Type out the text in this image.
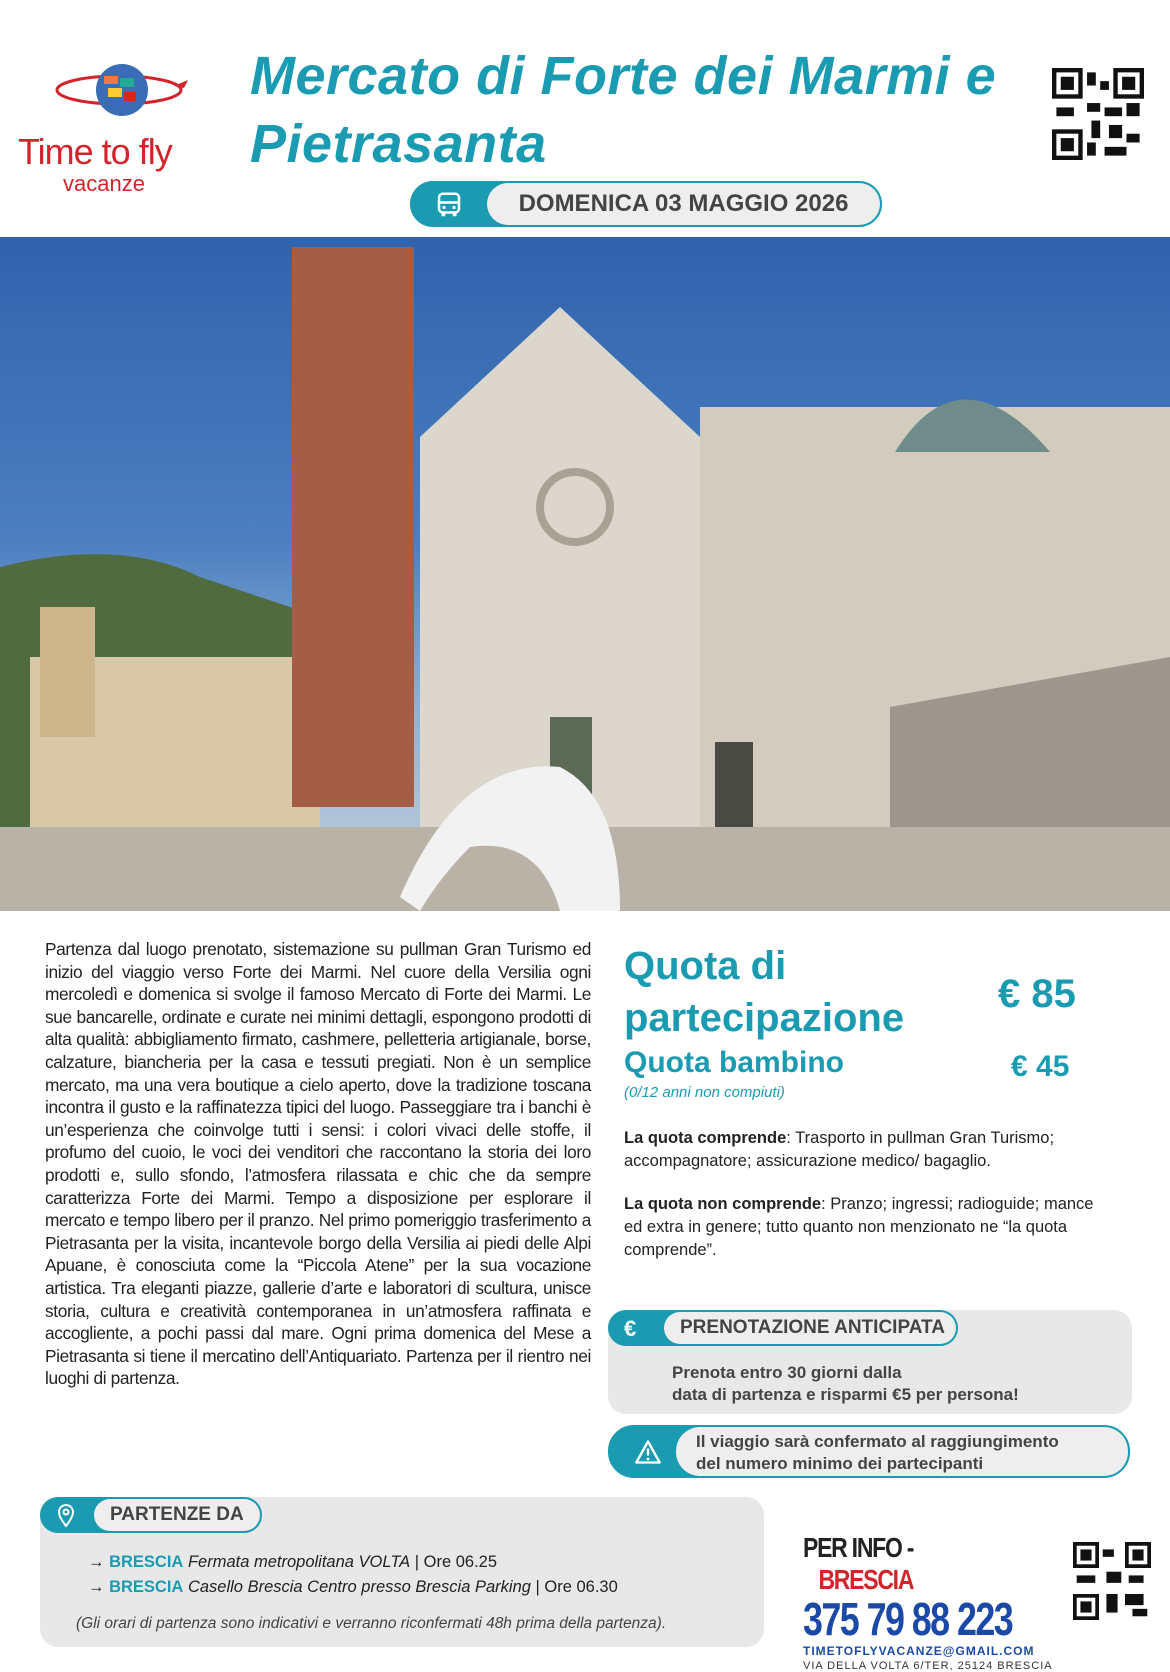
Time to fly
vacanze
Mercato di Forte dei Marmi e Pietrasanta
DOMENICA 03 MAGGIO 2026

Partenza dal luogo prenotato, sistemazione su pullman Gran Turismo ed inizio del viaggio verso Forte dei Marmi. Nel cuore della Versilia ogni mercoledì e domenica si svolge il famoso Mercato di Forte dei Marmi. Le sue bancarelle, ordinate e curate nei minimi dettagli, espongono prodotti di alta qualità: abbigliamento firmato, cashmere, pelletteria artigianale, borse, calzature, biancheria per la casa e tessuti pregiati. Non è un semplice mercato, ma una vera boutique a cielo aperto, dove la tradizione toscana incontra il gusto e la raffinatezza tipici del luogo. Passeggiare tra i banchi è un’esperienza che coinvolge tutti i sensi: i colori vivaci delle stoffe, il profumo del cuoio, le voci dei venditori che raccontano la storia dei loro prodotti e, sullo sfondo, l’atmosfera rilassata e chic che da sempre caratterizza Forte dei Marmi. Tempo a disposizione per esplorare il mercato e tempo libero per il pranzo. Nel primo pomeriggio trasferimento a Pietrasanta per la visita, incantevole borgo della Versilia ai piedi delle Alpi Apuane, è conosciuta come la “Piccola Atene” per la sua vocazione artistica. Tra eleganti piazze, gallerie d’arte e laboratori di scultura, unisce storia, cultura e creatività contemporanea in un’atmosfera raffinata e accogliente, a pochi passi dal mare. Ogni prima domenica del Mese a Pietrasanta si tiene il mercatino dell’Antiquariato. Partenza per il rientro nei luoghi di partenza.

Quota di partecipazione
€ 85
Quota bambino	€ 45
(0/12 anni non compiuti)

La quota comprende: Trasporto in pullman Gran Turismo; accompagnatore; assicurazione medico/ bagaglio.

La quota non comprende: Pranzo; ingressi; radioguide; mance ed extra in genere; tutto quanto non menzionato ne “la quota comprende”.

Prenota entro 30 giorni dalla
data di partenza e risparmi €5 per persona!
€	PRENOTAZIONE ANTICIPATA
Il viaggio sarà confermato al raggiungimento
del numero minimo dei partecipanti
→ BRESCIA Fermata metropolitana VOLTA | Ore 06.25
→ BRESCIA Casello Brescia Centro presso Brescia Parking | Ore 06.30
(Gli orari di partenza sono indicativi e verranno riconfermati 48h prima della partenza).
PARTENZE DA
PER INFO -   BRESCIA
375 79 88 223
TIMETOFLYVACANZE@GMAIL.COM
VIA DELLA VOLTA 6/TER, 25124 BRESCIA
